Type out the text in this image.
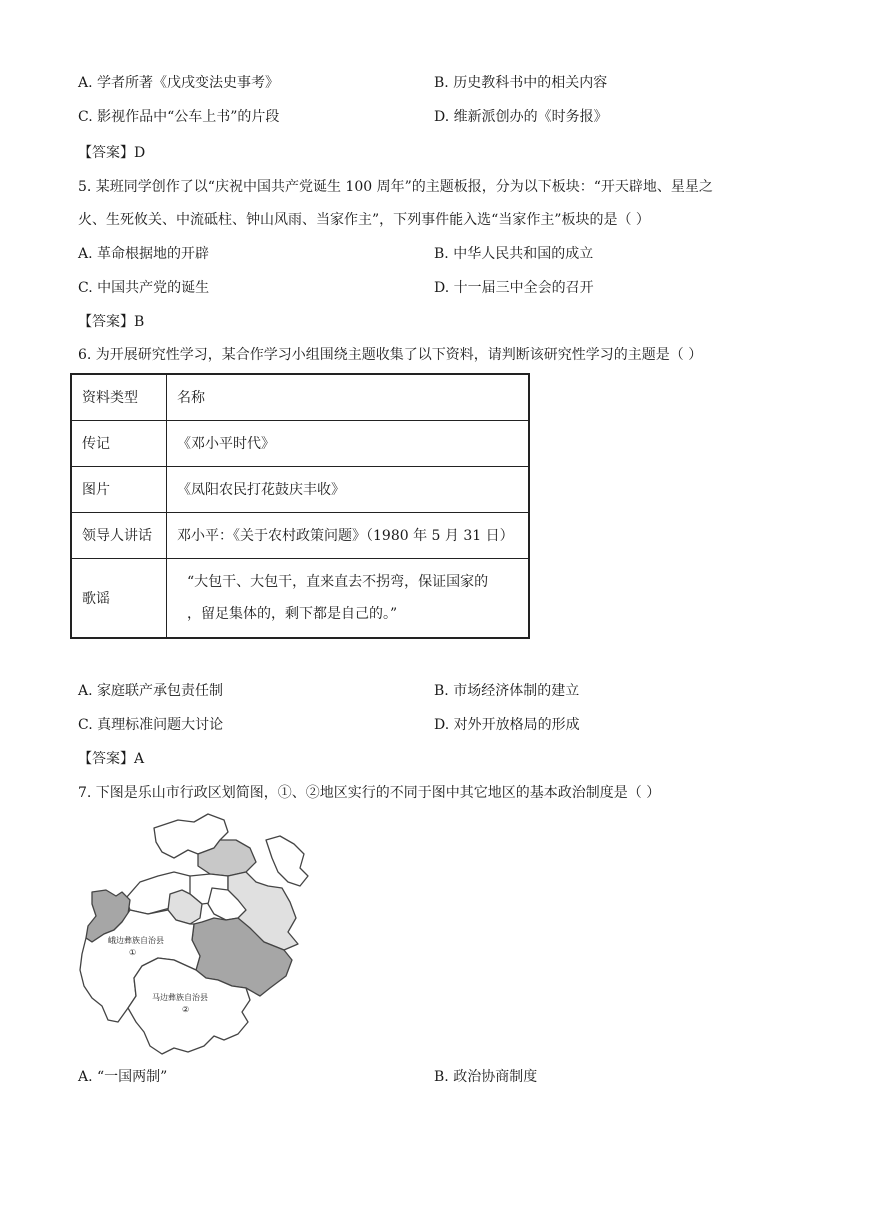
A. 学者所著《戊戌变法史事考》	B. 历史教科书中的相关内容
C. 影视作品中“公车上书”的片段	D. 维新派创办的《时务报》
【答案】D
5. 某班同学创作了以“庆祝中国共产党诞生 100 周年”的主题板报，分为以下板块：“开天辟地、星星之
火、生死攸关、中流砥柱、钟山风雨、当家作主”，下列事件能入选“当家作主”板块的是（ ）
A. 革命根据地的开辟	B. 中华人民共和国的成立
C. 中国共产党的诞生	D. 十一届三中全会的召开
【答案】B
6. 为开展研究性学习，某合作学习小组围绕主题收集了以下资料，请判断该研究性学习的主题是（ ）
资料类型	名称
传记	《邓小平时代》
图片	《凤阳农民打花鼓庆丰收》
领导人讲话	邓小平：《关于农村政策问题》（1980 年 5 月 31 日）
歌谣	“大包干、大包干，直来直去不拐弯，保证国家的
，留足集体的，剩下都是自己的。”
A. 家庭联产承包责任制	B. 市场经济体制的建立
C. 真理标准问题大讨论	D. 对外开放格局的形成
【答案】A
7. 下图是乐山市行政区划简图，①、②地区实行的不同于图中其它地区的基本政治制度是（ ）
峨边彝族自治县
①
马边彝族自治县
②
A. “一国两制”	B. 政治协商制度
